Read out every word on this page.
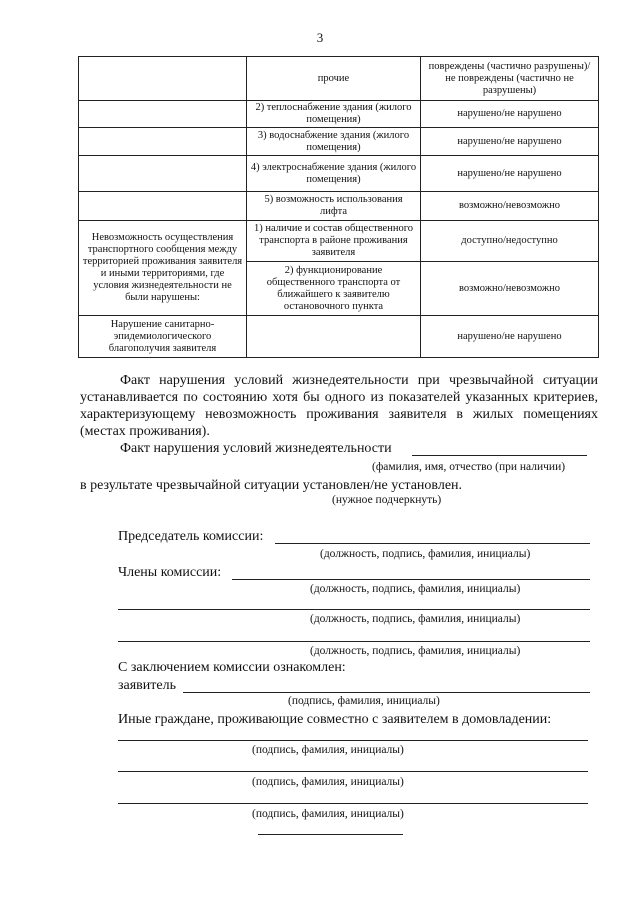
3
	прочие	повреждены (частично разрушены)/не повреждены (частично не разрушены)
	2) теплоснабжение здания (жилого помещения)	нарушено/не нарушено
	3) водоснабжение здания (жилого помещения)	нарушено/не нарушено
	4) электроснабжение здания (жилого помещения)	нарушено/не нарушено
	5) возможность использования лифта	возможно/невозможно
Невозможность осуществления транспортного сообщения между территорией проживания заявителя и иными территориями, где условия жизнедеятельности не были нарушены:	1) наличие и состав общественного транспорта в районе проживания заявителя	доступно/недоступно
	2) функционирование общественного транспорта от ближайшего к заявителю остановочного пункта	возможно/невозможно
Нарушение санитарно-эпидемиологического благополучия заявителя		нарушено/не нарушено
Факт нарушения условий жизнедеятельности при чрезвычайной ситуации устанавливается по состоянию хотя бы одного из показателей указанных критериев, характеризующему невозможность проживания заявителя в жилых помещениях (местах проживания).
Факт нарушения условий жизнедеятельности
(фамилия, имя, отчество (при наличии)
в результате чрезвычайной ситуации установлен/не установлен.
(нужное подчеркнуть)
Председатель комиссии:
(должность, подпись, фамилия, инициалы)
Члены комиссии:
(должность, подпись, фамилия, инициалы)
(должность, подпись, фамилия, инициалы)
(должность, подпись, фамилия, инициалы)
С заключением комиссии ознакомлен:
заявитель
(подпись, фамилия, инициалы)
Иные граждане, проживающие совместно с заявителем в домовладении:
(подпись, фамилия, инициалы)
(подпись, фамилия, инициалы)
(подпись, фамилия, инициалы)
